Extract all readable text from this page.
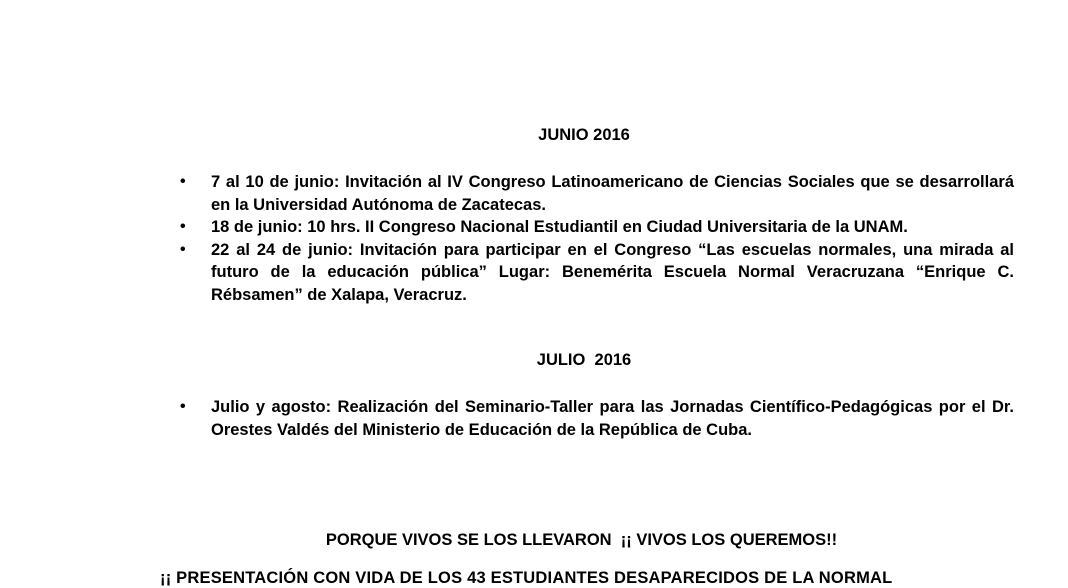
JUNIO 2016
• 7 al 10 de junio: Invitación al IV Congreso Latinoamericano de Ciencias Sociales que se desarrollará en la Universidad Autónoma de Zacatecas.
• 18 de junio: 10 hrs. II Congreso Nacional Estudiantil en Ciudad Universitaria de la UNAM.
• 22 al 24 de junio: Invitación para participar en el Congreso “Las escuelas normales, una mirada al futuro de la educación pública” Lugar: Benemérita Escuela Normal Veracruzana “Enrique C. Rébsamen” de Xalapa, Veracruz.
JULIO  2016
• Julio y agosto: Realización del Seminario-Taller para las Jornadas Científico-Pedagógicas por el Dr. Orestes Valdés del Ministerio de Educación de la República de Cuba.
PORQUE VIVOS SE LOS LLEVARON  ¡¡ VIVOS LOS QUEREMOS!!
¡¡ PRESENTACIÓN CON VIDA DE LOS 43 ESTUDIANTES DESAPARECIDOS DE LA NORMAL
